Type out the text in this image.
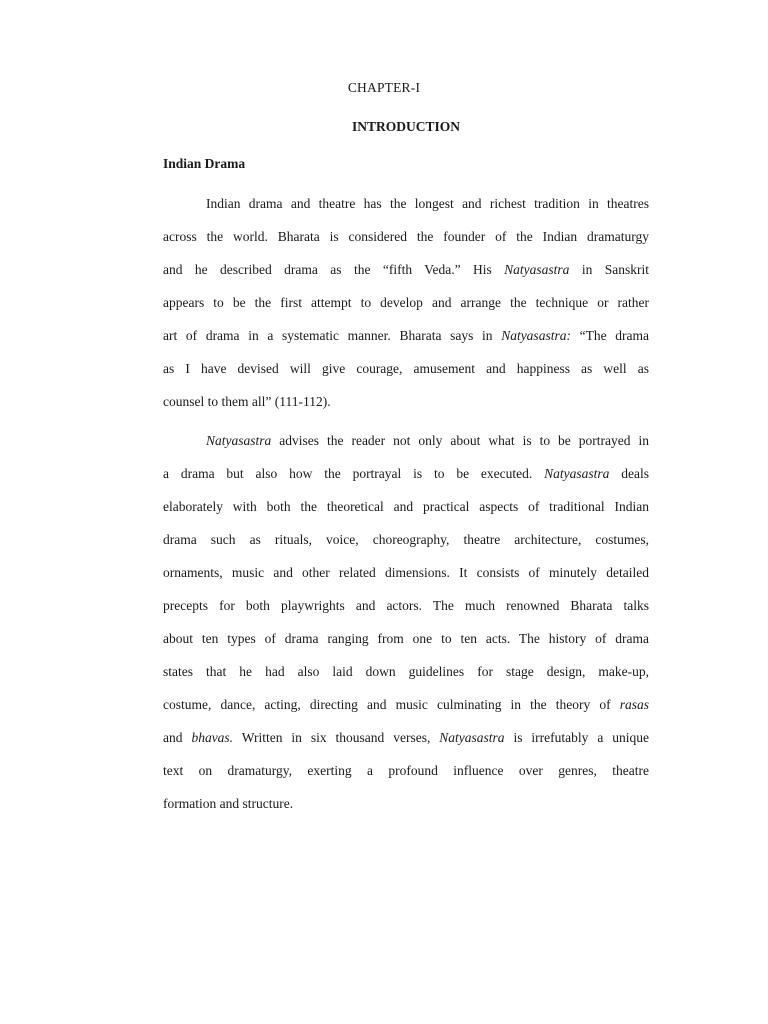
CHAPTER-I
INTRODUCTION
Indian Drama
Indian drama and theatre has the longest and richest tradition in theatres
across the world. Bharata is considered the founder of the Indian dramaturgy
and he described drama as the “fifth Veda.” His Natyasastra in Sanskrit
appears to be the first attempt to develop and arrange the technique or rather
art of drama in a systematic manner. Bharata says in Natyasastra: “The drama
as I have devised will give courage, amusement and happiness as well as
counsel to them all” (111-112).
Natyasastra advises the reader not only about what is to be portrayed in
a drama but also how the portrayal is to be executed. Natyasastra deals
elaborately with both the theoretical and practical aspects of traditional Indian
drama such as rituals, voice, choreography, theatre architecture, costumes,
ornaments, music and other related dimensions. It consists of minutely detailed
precepts for both playwrights and actors. The much renowned Bharata talks
about ten types of drama ranging from one to ten acts. The history of drama
states that he had also laid down guidelines for stage design, make-up,
costume, dance, acting, directing and music culminating in the theory of rasas
and bhavas. Written in six thousand verses, Natyasastra is irrefutably a unique
text on dramaturgy, exerting a profound influence over genres, theatre
formation and structure.
